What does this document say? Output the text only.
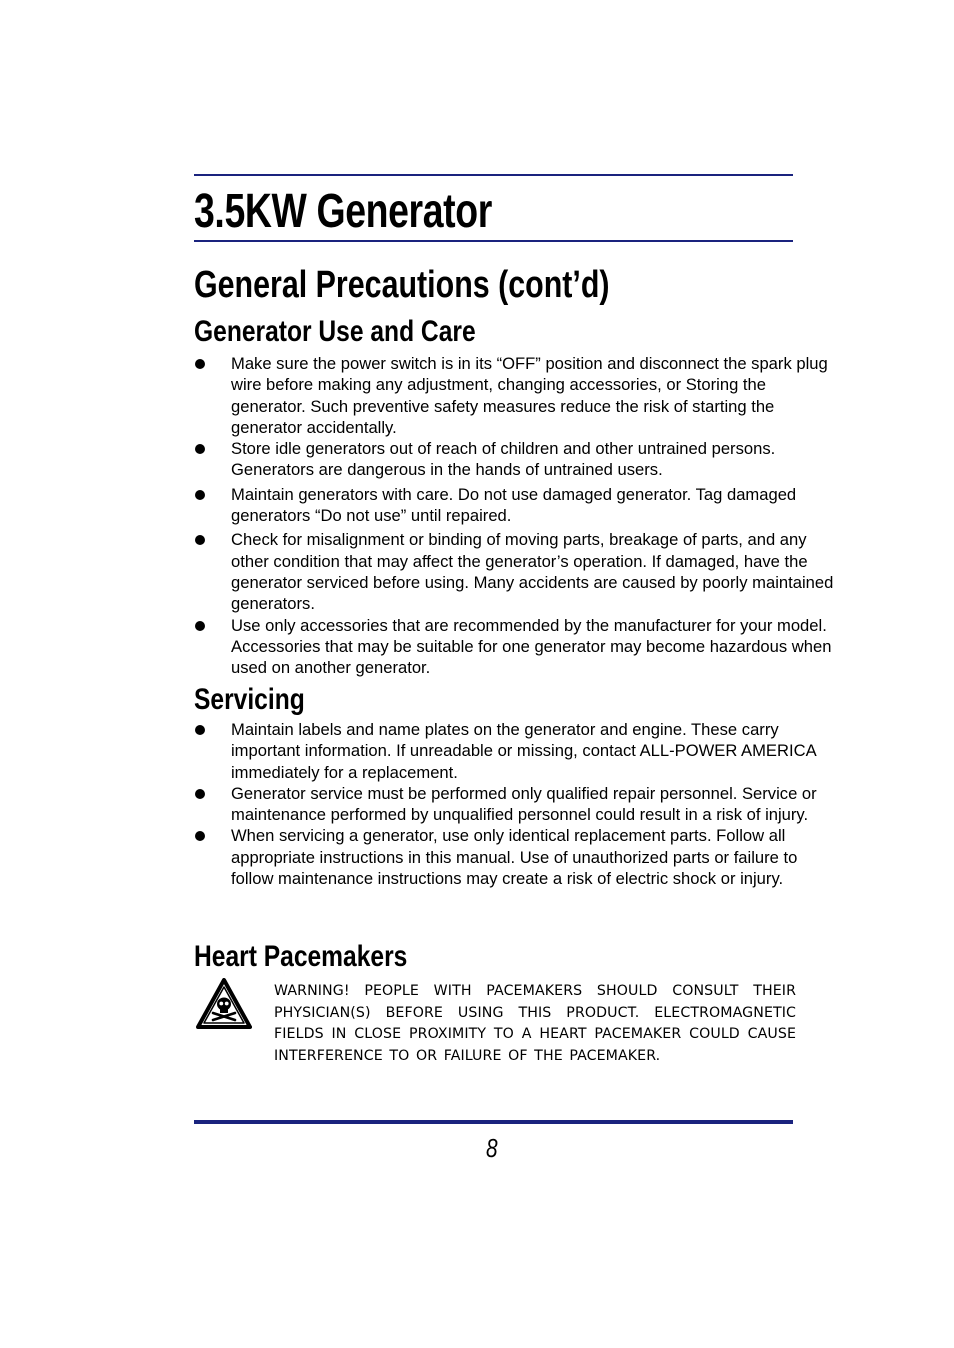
3.5KW Generator
General Precautions (cont’d)
Generator Use and Care
Make sure the power switch is in its “OFF” position and disconnect the spark plug wire before making any adjustment, changing accessories, or Storing the generator. Such preventive safety measures reduce the risk of starting the generator accidentally.
Store idle generators out of reach of children and other untrained persons. Generators are dangerous in the hands of untrained users.
Maintain generators with care. Do not use damaged generator. Tag damaged generators “Do not use” until repaired.
Check for misalignment or binding of moving parts, breakage of parts, and any other condition that may affect the generator’s operation. If damaged, have the generator serviced before using. Many accidents are caused by poorly maintained generators.
Use only accessories that are recommended by the manufacturer for your model. Accessories that may be suitable for one generator may become hazardous when used on another generator.
Servicing
Maintain labels and name plates on the generator and engine. These carry important information. If unreadable or missing, contact ALL-POWER AMERICA immediately for a replacement.
Generator service must be performed only qualified repair personnel. Service or maintenance performed by unqualified personnel could result in a risk of injury.
When servicing a generator, use only identical replacement parts. Follow all appropriate instructions in this manual. Use of unauthorized parts or failure to follow maintenance instructions may create a risk of electric shock or injury.
Heart Pacemakers
WARNING! PEOPLE WITH PACEMAKERS SHOULD CONSULT THEIR PHYSICIAN(S) BEFORE USING THIS PRODUCT. ELECTROMAGNETIC FIELDS IN CLOSE PROXIMITY TO A HEART PACEMAKER COULD CAUSE INTERFERENCE TO OR FAILURE OF THE PACEMAKER.
8
